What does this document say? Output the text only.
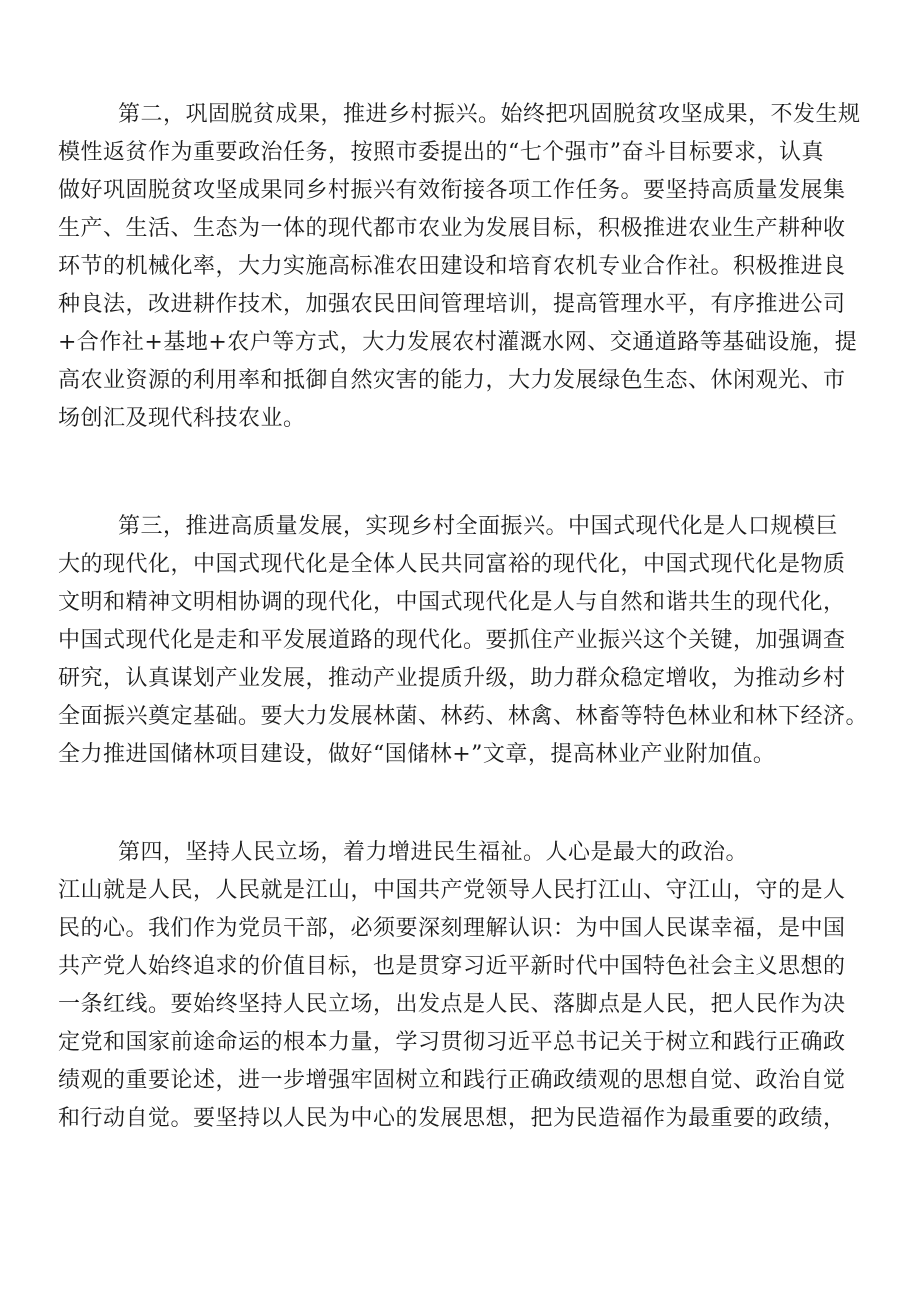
第二，巩固脱贫成果，推进乡村振兴。始终把巩固脱贫攻坚成果，不发生规
模性返贫作为重要政治任务，按照市委提出的“七个强市”奋斗目标要求，认真
做好巩固脱贫攻坚成果同乡村振兴有效衔接各项工作任务。要坚持高质量发展集
生产、生活、生态为一体的现代都市农业为发展目标，积极推进农业生产耕种收
环节的机械化率，大力实施高标准农田建设和培育农机专业合作社。积极推进良
种良法，改进耕作技术，加强农民田间管理培训，提高管理水平，有序推进公司
+合作社+基地+农户等方式，大力发展农村灌溉水网、交通道路等基础设施，提
高农业资源的利用率和抵御自然灾害的能力，大力发展绿色生态、休闲观光、市
场创汇及现代科技农业。
第三，推进高质量发展，实现乡村全面振兴。中国式现代化是人口规模巨
大的现代化，中国式现代化是全体人民共同富裕的现代化，中国式现代化是物质
文明和精神文明相协调的现代化，中国式现代化是人与自然和谐共生的现代化，
中国式现代化是走和平发展道路的现代化。要抓住产业振兴这个关键，加强调查
研究，认真谋划产业发展，推动产业提质升级，助力群众稳定增收，为推动乡村
全面振兴奠定基础。要大力发展林菌、林药、林禽、林畜等特色林业和林下经济。
全力推进国储林项目建设，做好“国储林+”文章，提高林业产业附加值。
第四，坚持人民立场，着力增进民生福祉。人心是最大的政治。
江山就是人民，人民就是江山，中国共产党领导人民打江山、守江山，守的是人
民的心。我们作为党员干部，必须要深刻理解认识：为中国人民谋幸福，是中国
共产党人始终追求的价值目标，也是贯穿习近平新时代中国特色社会主义思想的
一条红线。要始终坚持人民立场，出发点是人民、落脚点是人民，把人民作为决
定党和国家前途命运的根本力量，学习贯彻习近平总书记关于树立和践行正确政
绩观的重要论述，进一步增强牢固树立和践行正确政绩观的思想自觉、政治自觉
和行动自觉。要坚持以人民为中心的发展思想，把为民造福作为最重要的政绩，
